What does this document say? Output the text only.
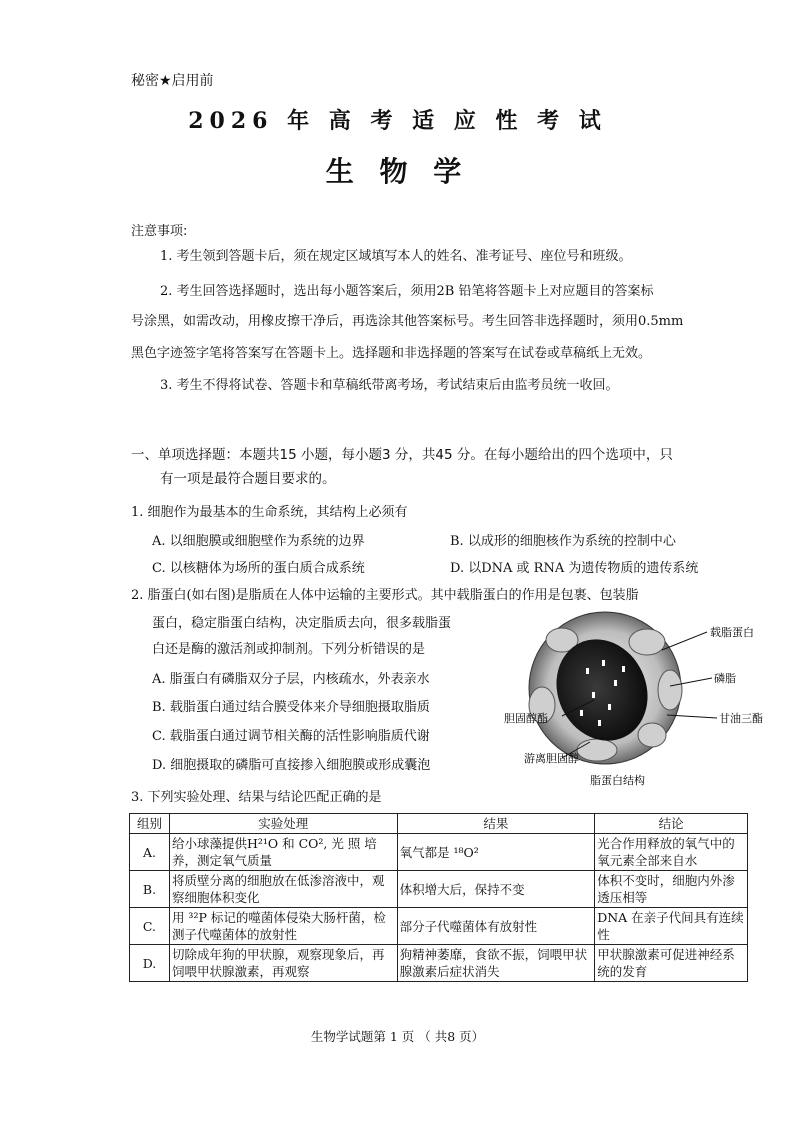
秘密★启用前
2026 年 高 考 适 应 性 考 试
生 物 学
注意事项:
1. 考生领到答题卡后，须在规定区域填写本人的姓名、准考证号、座位号和班级。
2. 考生回答选择题时，选出每小题答案后，须用2B 铅笔将答题卡上对应题目的答案标
号涂黑，如需改动，用橡皮擦干净后，再选涂其他答案标号。考生回答非选择题时，须用0.5mm
黑色字迹签字笔将答案写在答题卡上。选择题和非选择题的答案写在试卷或草稿纸上无效。
3. 考生不得将试卷、答题卡和草稿纸带离考场，考试结束后由监考员统一收回。
一、单项选择题：本题共15 小题，每小题3 分，共45 分。在每小题给出的四个选项中，只
有一项是最符合题目要求的。
1. 细胞作为最基本的生命系统，其结构上必须有
A. 以细胞膜或细胞壁作为系统的边界	B. 以成形的细胞核作为系统的控制中心
C. 以核糖体为场所的蛋白质合成系统	D. 以DNA 或 RNA 为遗传物质的遗传系统
2. 脂蛋白(如右图)是脂质在人体中运输的主要形式。其中载脂蛋白的作用是包裹、包装脂
蛋白，稳定脂蛋白结构，决定脂质去向，很多载脂蛋
白还是酶的激活剂或抑制剂。下列分析错误的是
A. 脂蛋白有磷脂双分子层，内核疏水，外表亲水
B. 载脂蛋白通过结合膜受体来介导细胞摄取脂质
C. 载脂蛋白通过调节相关酶的活性影响脂质代谢
D. 细胞摄取的磷脂可直接掺入细胞膜或形成囊泡
载脂蛋白
磷脂
甘油三酯
胆固醇酯
游离胆固醇
脂蛋白结构
3. 下列实验处理、结果与结论匹配正确的是
组别	实验处理	结果	结论
A.	给小球藻提供H²¹O 和 CO², 光 照 培养，测定氧气质量	氧气都是 ¹⁸O²	光合作用释放的氧气中的氧元素全部来自水
B.	将质壁分离的细胞放在低渗溶液中，观察细胞体积变化	体积增大后，保持不变	体积不变时，细胞内外渗透压相等
C.	用 ³²P 标记的噬菌体侵染大肠杆菌，检测子代噬菌体的放射性	部分子代噬菌体有放射性	DNA 在亲子代间具有连续性
D.	切除成年狗的甲状腺，观察现象后，再饲喂甲状腺激素，再观察	狗精神萎靡，食欲不振，饲喂甲状腺激素后症状消失	甲状腺激素可促进神经系统的发育
生物学试题第 1 页 （ 共8 页）
